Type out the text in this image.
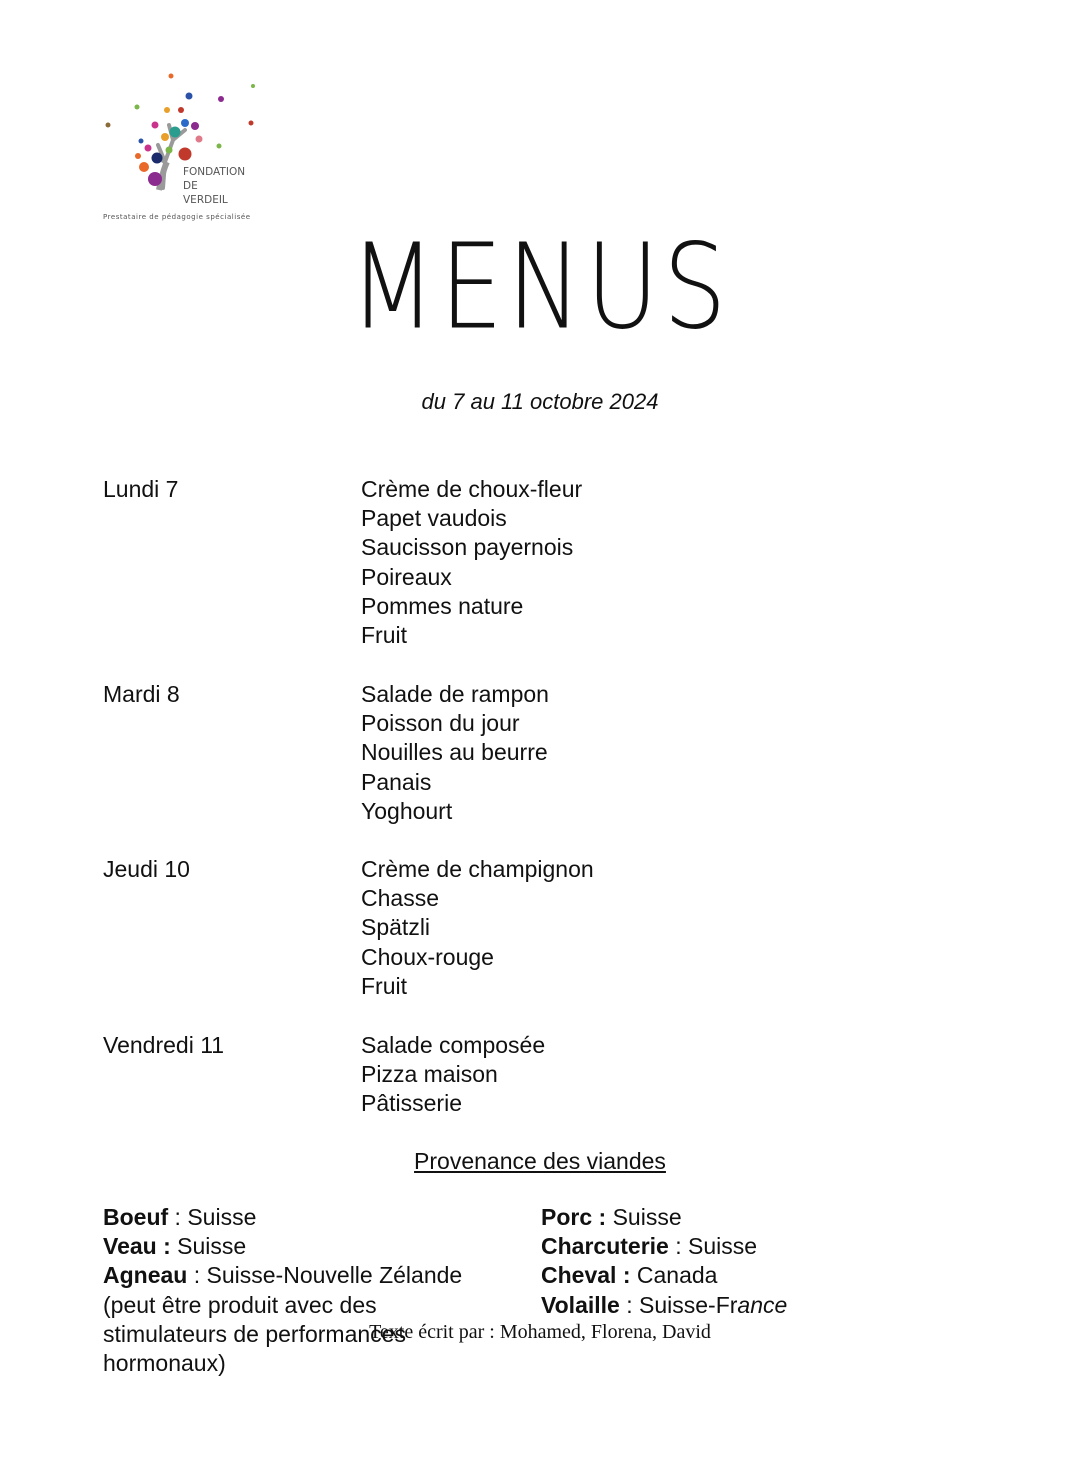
FONDATION
DE
VERDEIL
Prestataire de pédagogie spécialisée
MENUS
du 7 au 11 octobre 2024
Lundi 7	Crème de choux-fleur
Papet vaudois
Saucisson payernois
Poireaux
Pommes nature
Fruit
Mardi 8	Salade de rampon
Poisson du jour
Nouilles au beurre
Panais
Yoghourt
Jeudi 10	Crème de champignon
Chasse
Spätzli
Choux-rouge
Fruit
Vendredi 11	Salade composée
Pizza maison
Pâtisserie
Provenance des viandes
Boeuf : Suisse
Veau : Suisse
Agneau : Suisse-Nouvelle Zélande
(peut être produit avec des stimulateurs de performances hormonaux)
Porc : Suisse
Charcuterie : Suisse
Cheval : Canada
Volaille : Suisse-France
Texte écrit par : Mohamed, Florena, David
